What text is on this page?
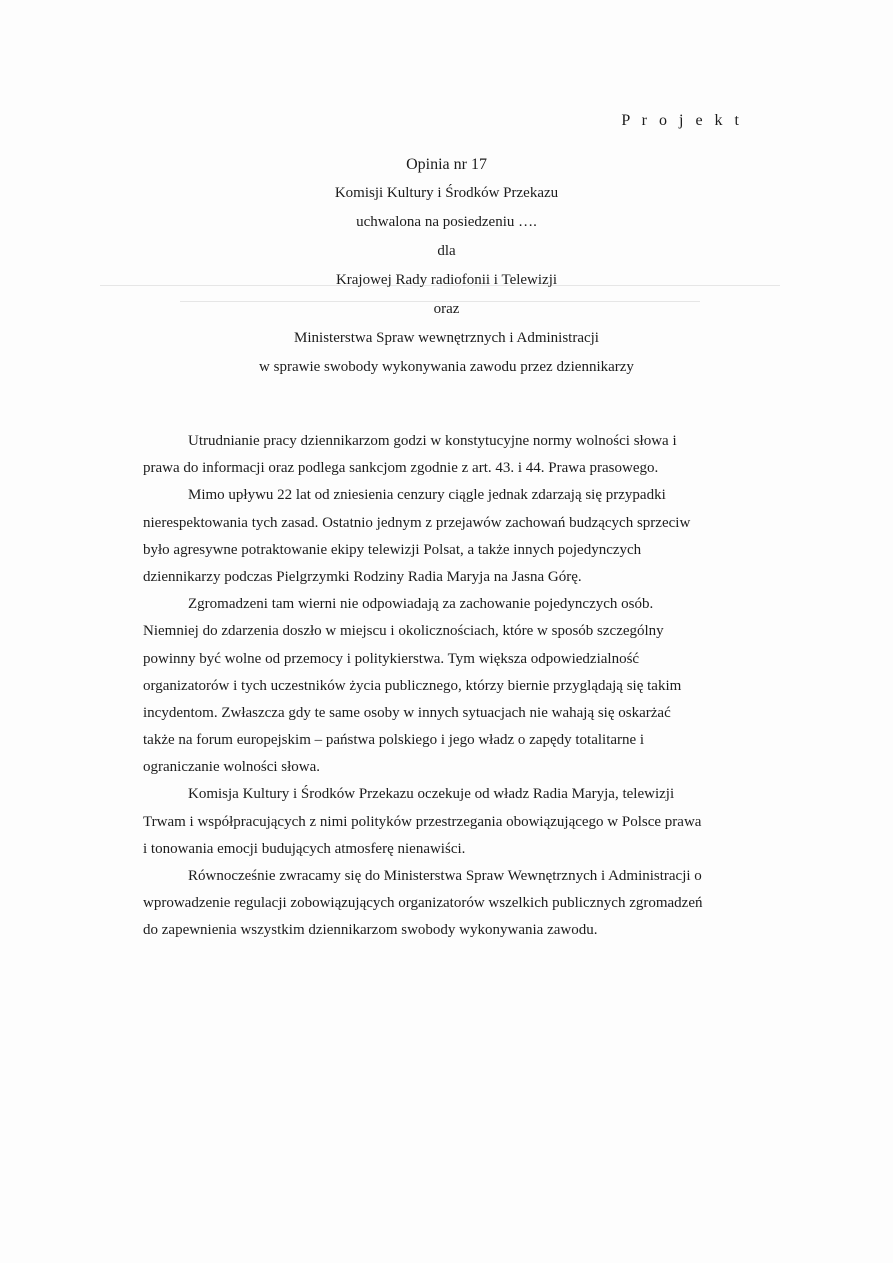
P r o j e k t
Opinia nr 17
Komisji Kultury i Środków Przekazu
uchwalona na posiedzeniu ….
dla
Krajowej Rady radiofonii i Telewizji
oraz
Ministerstwa Spraw wewnętrznych i Administracji
w sprawie swobody wykonywania zawodu przez dziennikarzy
Utrudnianie pracy dziennikarzom godzi w konstytucyjne normy wolności słowa i
prawa do informacji oraz podlega sankcjom zgodnie z art. 43. i 44. Prawa prasowego.
Mimo upływu 22 lat od zniesienia cenzury ciągle jednak zdarzają się przypadki
nierespektowania tych zasad. Ostatnio jednym z przejawów zachowań budzących sprzeciw
było agresywne potraktowanie ekipy telewizji Polsat, a także innych pojedynczych
dziennikarzy podczas Pielgrzymki Rodziny Radia Maryja na Jasna Górę.
Zgromadzeni tam wierni nie odpowiadają za zachowanie pojedynczych osób.
Niemniej do zdarzenia doszło w miejscu i okolicznościach, które w sposób szczególny
powinny być wolne od przemocy i politykierstwa. Tym większa odpowiedzialność
organizatorów i tych uczestników życia publicznego, którzy biernie przyglądają się takim
incydentom. Zwłaszcza gdy te same osoby w innych sytuacjach nie wahają się oskarżać
także na forum europejskim – państwa polskiego i jego władz o zapędy totalitarne i
ograniczanie wolności słowa.
Komisja Kultury i Środków Przekazu oczekuje od władz Radia Maryja, telewizji
Trwam i współpracujących z nimi polityków przestrzegania obowiązującego w Polsce prawa
i tonowania emocji budujących atmosferę nienawiści.
Równocześnie zwracamy się do Ministerstwa Spraw Wewnętrznych i Administracji o
wprowadzenie regulacji zobowiązujących organizatorów wszelkich publicznych zgromadzeń
do zapewnienia wszystkim dziennikarzom swobody wykonywania zawodu.
